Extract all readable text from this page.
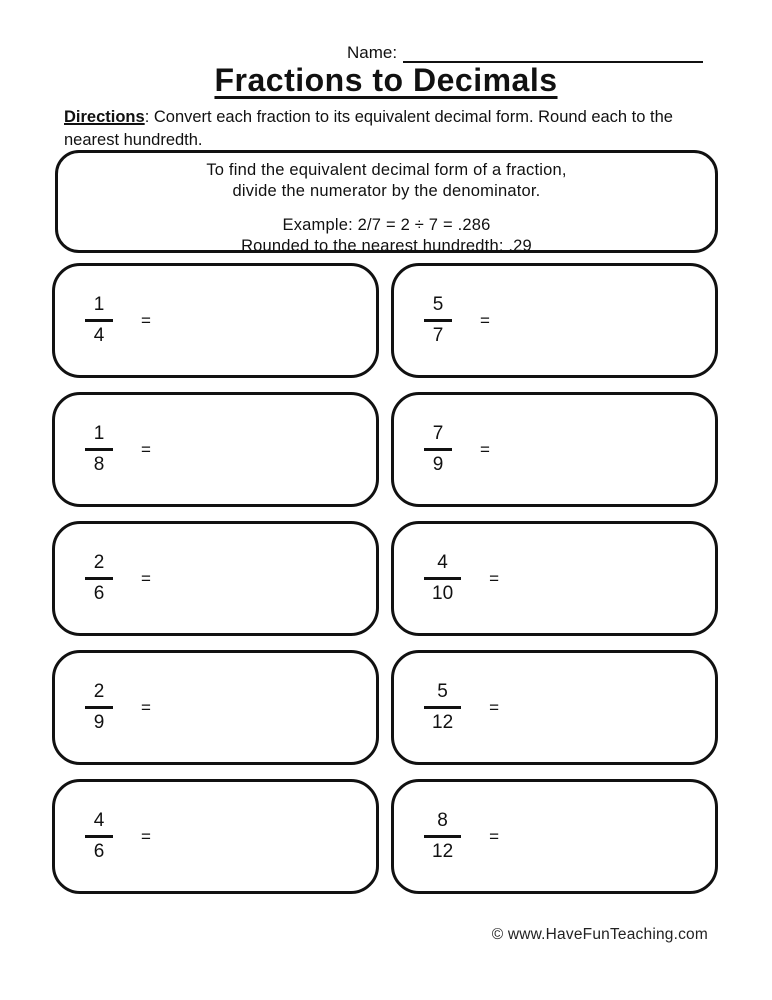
Name:
Fractions to Decimals
Directions: Convert each fraction to its equivalent decimal form. Round each to the nearest hundredth.
To find the equivalent decimal form of a fraction,
divide the numerator by the denominator.
Example: 2/7 = 2 ÷ 7 = .286
Rounded to the nearest hundredth: .29
$\frac{1}{4}$ =	$\frac{5}{7}$ =
$\frac{1}{8}$ =	$\frac{7}{9}$ =
$\frac{2}{6}$ =	$\frac{4}{10}$ =
$\frac{2}{9}$ =	$\frac{5}{12}$ =
$\frac{4}{6}$ =	$\frac{8}{12}$ =
© www.HaveFunTeaching.com
